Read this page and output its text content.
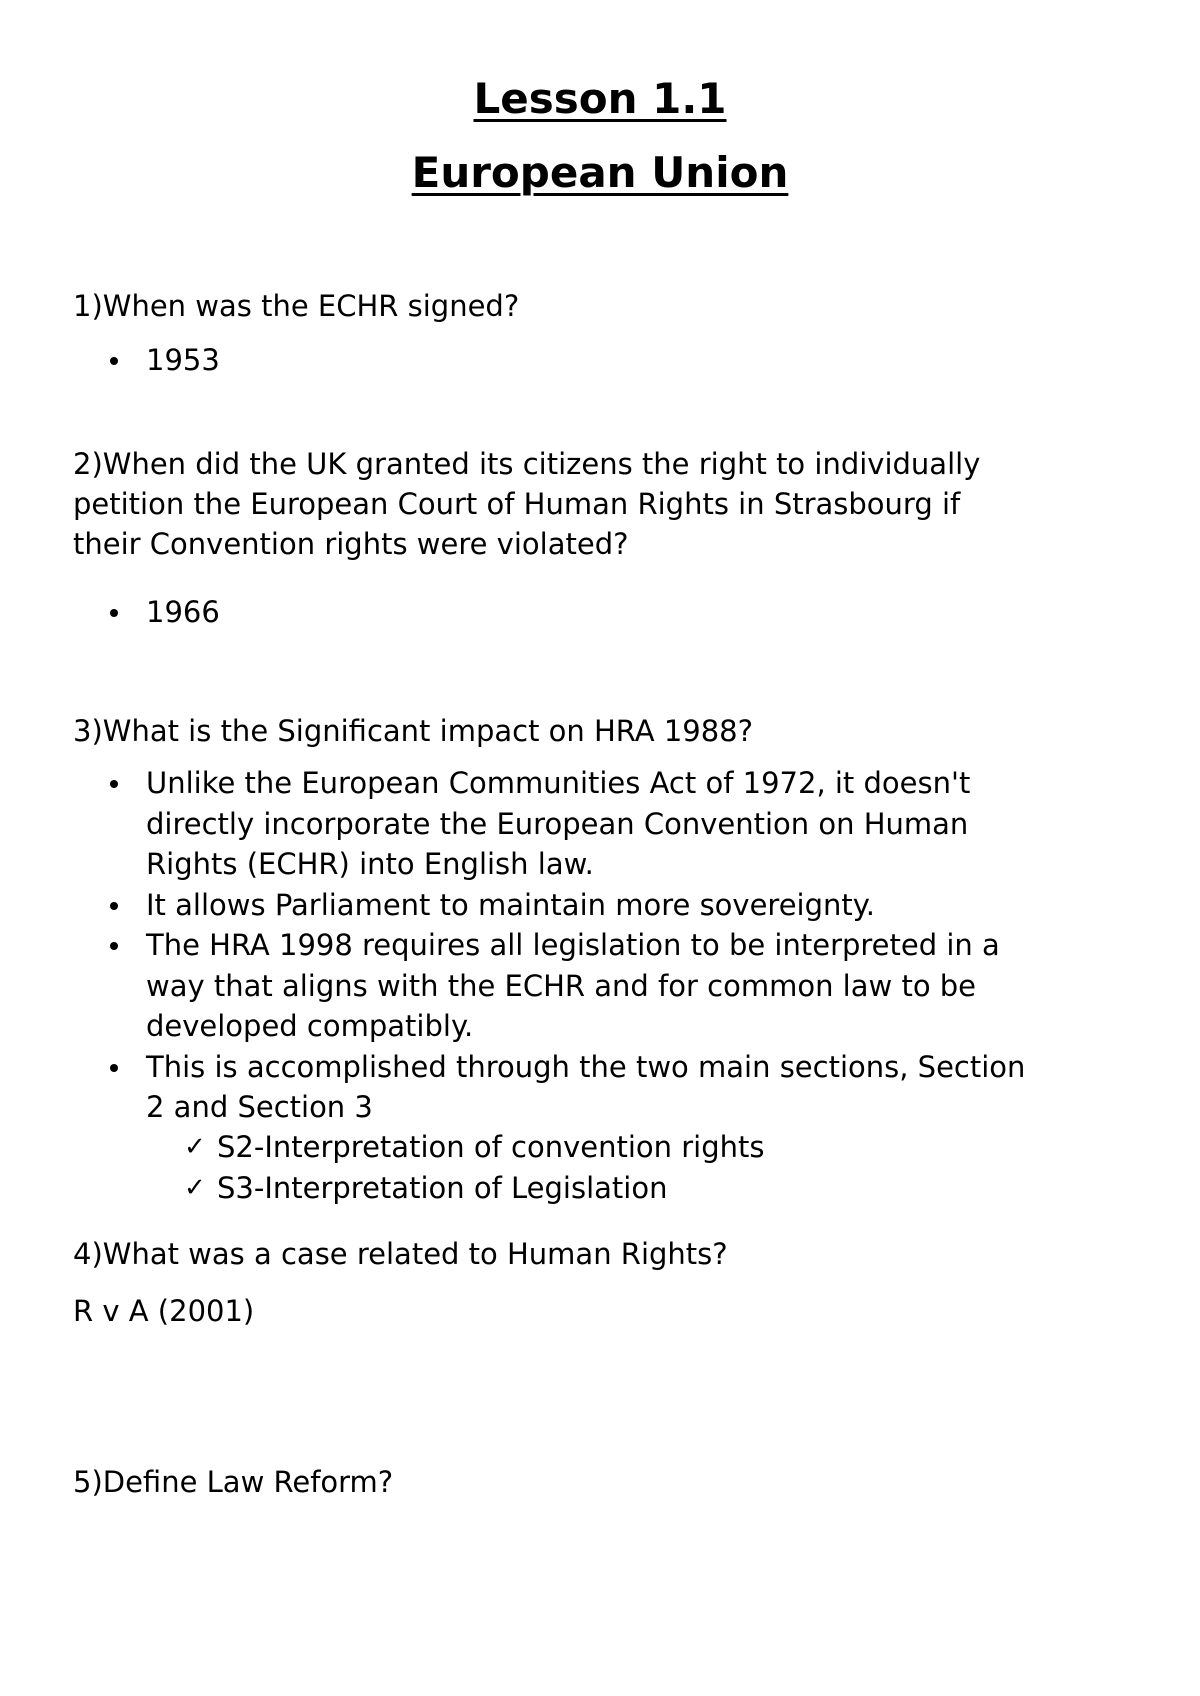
Lesson 1.1
European Union

1)When was the ECHR signed?

1953
2)When did the UK granted its citizens the right to individually
petition the European Court of Human Rights in Strasbourg if
their Convention rights were violated?
1966

3)What is the Significant impact on HRA 1988?

Unlike the European Communities Act of 1972, it doesn't
directly incorporate the European Convention on Human
Rights (ECHR) into English law.
It allows Parliament to maintain more sovereignty.
The HRA 1998 requires all legislation to be interpreted in a
way that aligns with the ECHR and for common law to be
developed compatibly.
This is accomplished through the two main sections, Section
2 and Section 3
✓ S2-Interpretation of convention rights
✓ S3-Interpretation of Legislation

4)What was a case related to Human Rights?

R v A (2001)

5)Define Law Reform?
